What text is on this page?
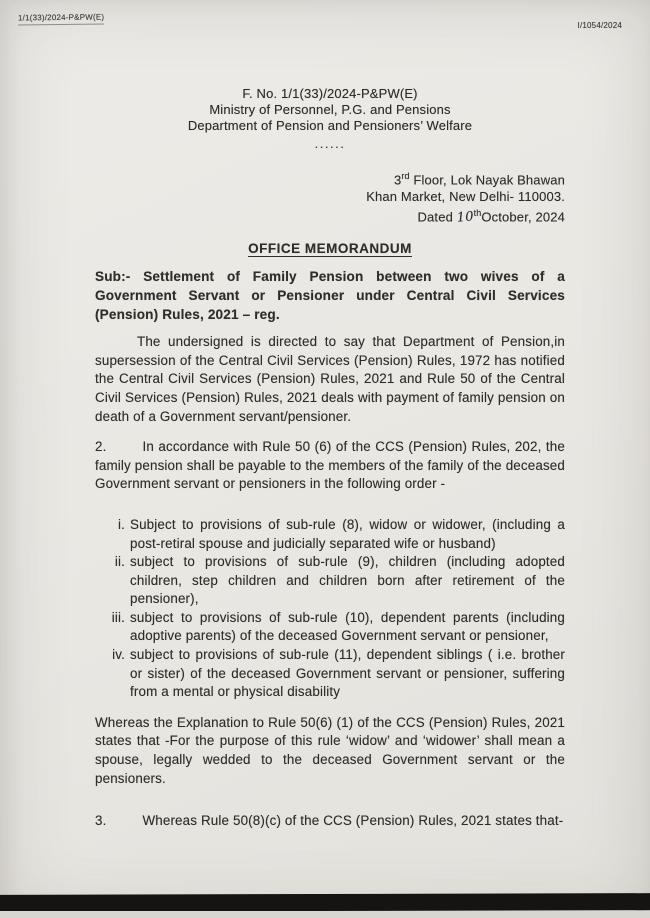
1/1(33)/2024-P&PW(E)
I/1054/2024
F. No. 1/1(33)/2024-P&PW(E)
Ministry of Personnel, P.G. and Pensions
Department of Pension and Pensioners’ Welfare
......
3rd Floor, Lok Nayak Bhawan
Khan Market, New Delhi- 110003.
Dated 10thOctober, 2024
OFFICE MEMORANDUM

Sub:- Settlement of Family Pension between two wives of a Government Servant or Pensioner under Central Civil Services (Pension) Rules, 2021 – reg.

The undersigned is directed to say that Department of Pension,in supersession of the Central Civil Services (Pension) Rules, 1972 has notified the Central Civil Services (Pension) Rules, 2021 and Rule 50 of the Central Civil Services (Pension) Rules, 2021 deals with payment of family pension on death of a Government servant/pensioner.

2.	In accordance with Rule 50 (6) of the CCS (Pension) Rules, 202, the family pension shall be payable to the members of the family of the deceased Government servant or pensioners in the following order -

i. Subject to provisions of sub-rule (8), widow or widower, (including a post-retiral spouse and judicially separated wife or husband)
ii. subject to provisions of sub-rule (9), children (including adopted children, step children and children born after retirement of the pensioner),
iii. subject to provisions of sub-rule (10), dependent parents (including adoptive parents) of the deceased Government servant or pensioner,
iv. subject to provisions of sub-rule (11), dependent siblings ( i.e. brother or sister) of the deceased Government servant or pensioner, suffering from a mental or physical disability

Whereas the Explanation to Rule 50(6) (1) of the CCS (Pension) Rules, 2021 states that -For the purpose of this rule ‘widow’ and ‘widower’ shall mean a spouse, legally wedded to the deceased Government servant or the pensioners.

3.	Whereas Rule 50(8)(c) of the CCS (Pension) Rules, 2021 states that-
